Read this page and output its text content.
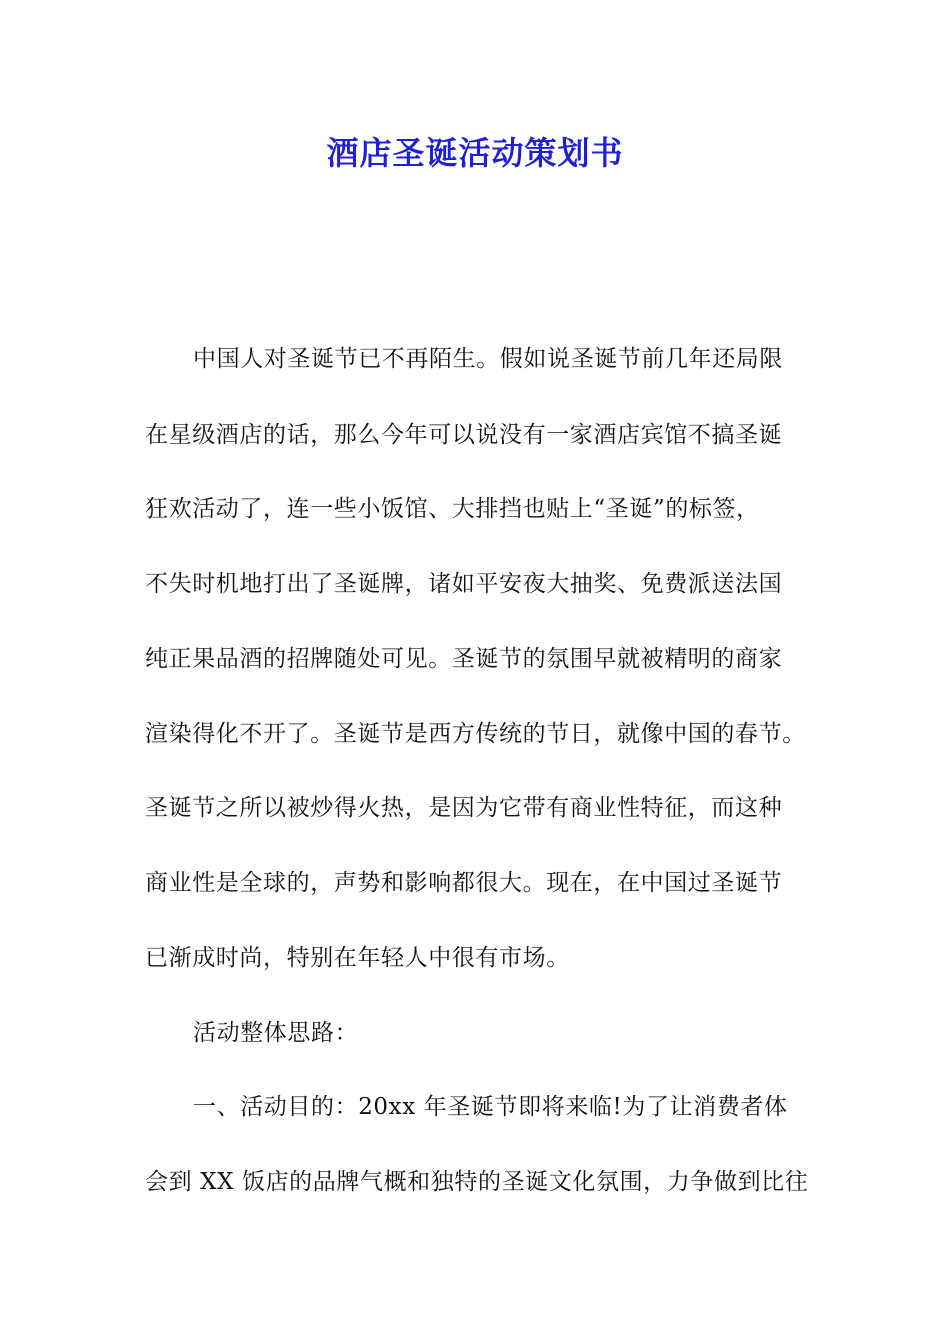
酒店圣诞活动策划书
中国人对圣诞节已不再陌生。假如说圣诞节前几年还局限
在星级酒店的话，那么今年可以说没有一家酒店宾馆不搞圣诞
狂欢活动了，连一些小饭馆、大排挡也贴上“圣诞”的标签，
不失时机地打出了圣诞牌，诸如平安夜大抽奖、免费派送法国
纯正果品酒的招牌随处可见。圣诞节的氛围早就被精明的商家
渲染得化不开了。圣诞节是西方传统的节日，就像中国的春节。
圣诞节之所以被炒得火热，是因为它带有商业性特征，而这种
商业性是全球的，声势和影响都很大。现在，在中国过圣诞节
已渐成时尚，特别在年轻人中很有市场。
活动整体思路：
一、活动目的：20xx 年圣诞节即将来临!为了让消费者体
会到 XX 饭店的品牌气概和独特的圣诞文化氛围，力争做到比往
